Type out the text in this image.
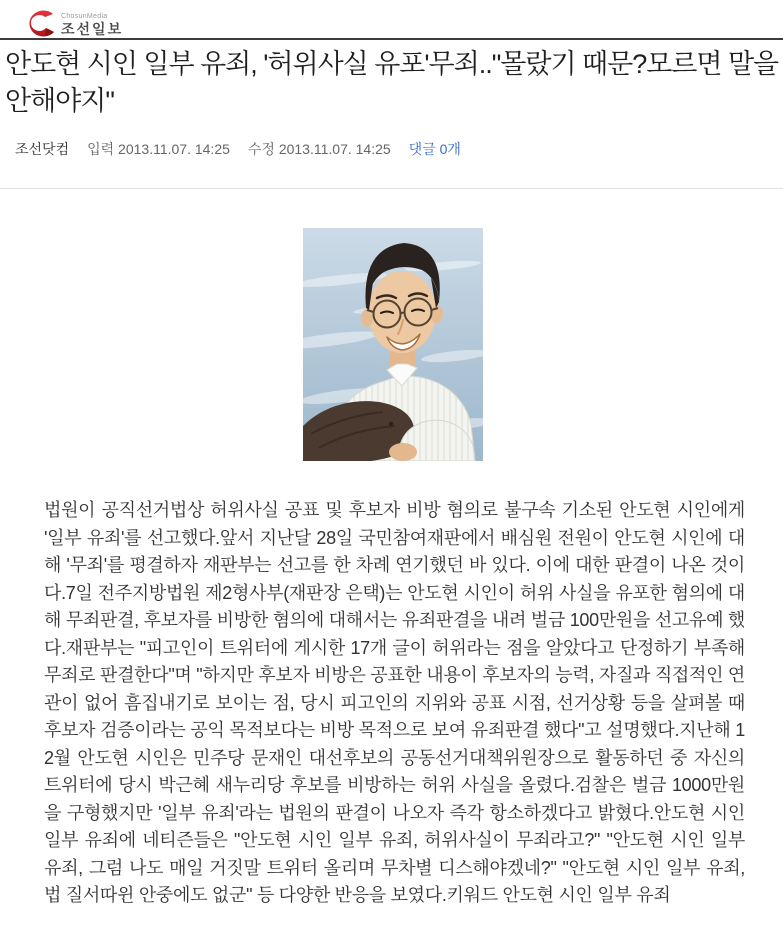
ChosunMedia
조선일보
안도현 시인 일부 유죄, '허위사실 유포'무죄.."몰랐기 때문?모르면 말을 안해야지"
조선닷컴 입력 2013.11.07. 14:25 수정 2013.11.07. 14:25 댓글 0개

법원이 공직선거법상 허위사실 공표 및 후보자 비방 혐의로 불구속 기소된 안도현 시인에게 '일부 유죄'를 선고했다.앞서 지난달 28일 국민참여재판에서 배심원 전원이 안도현 시인에 대해 '무죄'를 평결하자 재판부는 선고를 한 차례 연기했던 바 있다. 이에 대한 판결이 나온 것이다.7일 전주지방법원 제2형사부(재판장 은택)는 안도현 시인이 허위 사실을 유포한 혐의에 대해 무죄판결, 후보자를 비방한 혐의에 대해서는 유죄판결을 내려 벌금 100만원을 선고유예 했다.재판부는 "피고인이 트위터에 게시한 17개 글이 허위라는 점을 알았다고 단정하기 부족해 무죄로 판결한다"며 "하지만 후보자 비방은 공표한 내용이 후보자의 능력, 자질과 직접적인 연관이 없어 흠집내기로 보이는 점, 당시 피고인의 지위와 공표 시점, 선거상황 등을 살펴볼 때 후보자 검증이라는 공익 목적보다는 비방 목적으로 보여 유죄판결 했다"고 설명했다.지난해 12월 안도현 시인은 민주당 문재인 대선후보의 공동선거대책위원장으로 활동하던 중 자신의 트위터에 당시 박근혜 새누리당 후보를 비방하는 허위 사실을 올렸다.검찰은 벌금 1000만원을 구형했지만 '일부 유죄'라는 법원의 판결이 나오자 즉각 항소하겠다고 밝혔다.안도현 시인 일부 유죄에 네티즌들은 "안도현 시인 일부 유죄, 허위사실이 무죄라고?" "안도현 시인 일부 유죄, 그럼 나도 매일 거짓말 트위터 올리며 무차별 디스해야겠네?" "안도현 시인 일부 유죄, 법 질서따윈 안중에도 없군" 등 다양한 반응을 보였다.키워드 안도현 시인 일부 유죄
